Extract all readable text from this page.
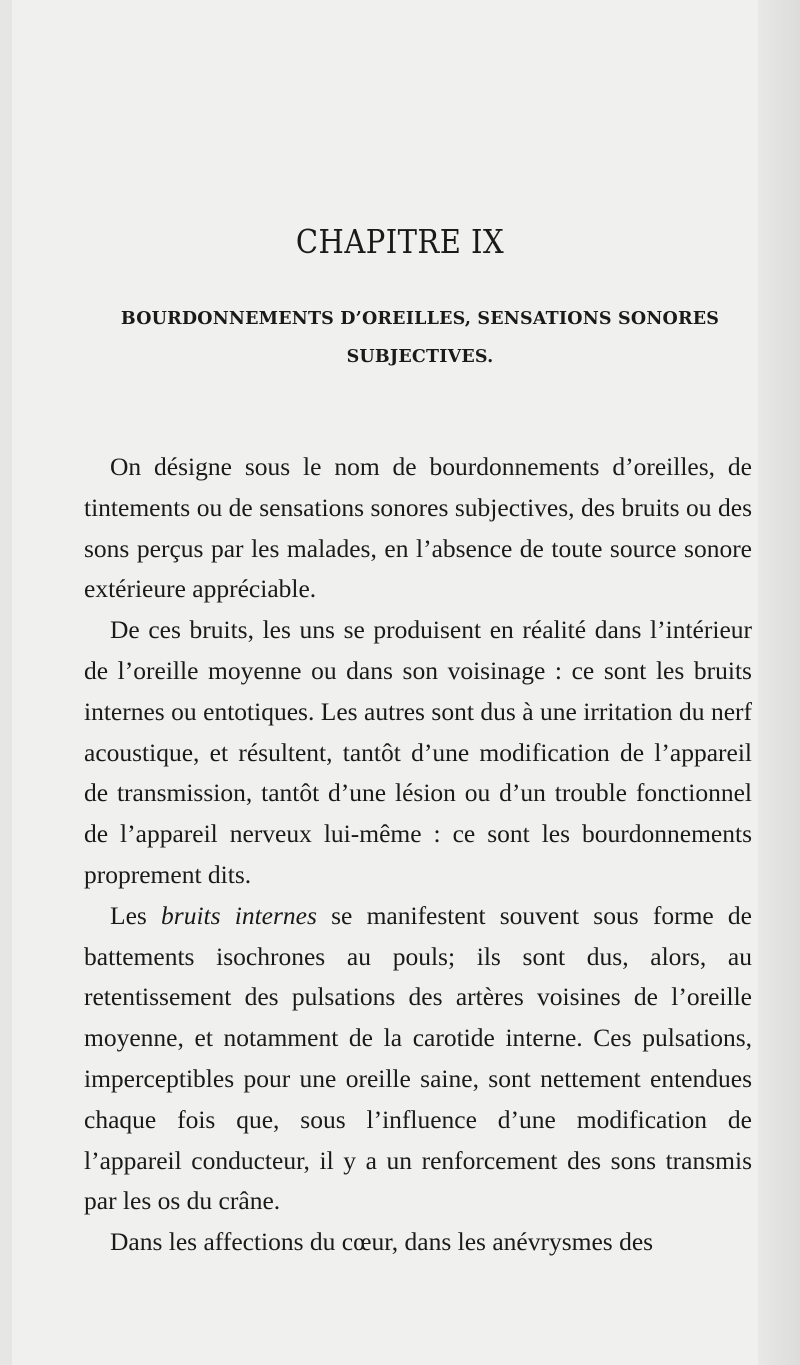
CHAPITRE IX
BOURDONNEMENTS D’OREILLES, SENSATIONS SONORES
SUBJECTIVES.

On désigne sous le nom de bourdonnements d’oreilles, de tintements ou de sensations sonores subjectives, des bruits ou des sons perçus par les malades, en l’absence de toute source sonore extérieure appréciable.

De ces bruits, les uns se produisent en réalité dans l’intérieur de l’oreille moyenne ou dans son voisinage : ce sont les bruits internes ou entotiques. Les autres sont dus à une irritation du nerf acoustique, et résultent, tantôt d’une modification de l’appareil de transmission, tantôt d’une lésion ou d’un trouble fonctionnel de l’appareil nerveux lui-même : ce sont les bourdonnements proprement dits.

Les bruits internes se manifestent souvent sous forme de battements isochrones au pouls; ils sont dus, alors, au retentissement des pulsations des artères voisines de l’oreille moyenne, et notamment de la carotide interne. Ces pulsations, imperceptibles pour une oreille saine, sont nettement entendues chaque fois que, sous l’influence d’une modification de l’appareil conducteur, il y a un renforcement des sons transmis par les os du crâne.

Dans les affections du cœur, dans les anévrysmes des
